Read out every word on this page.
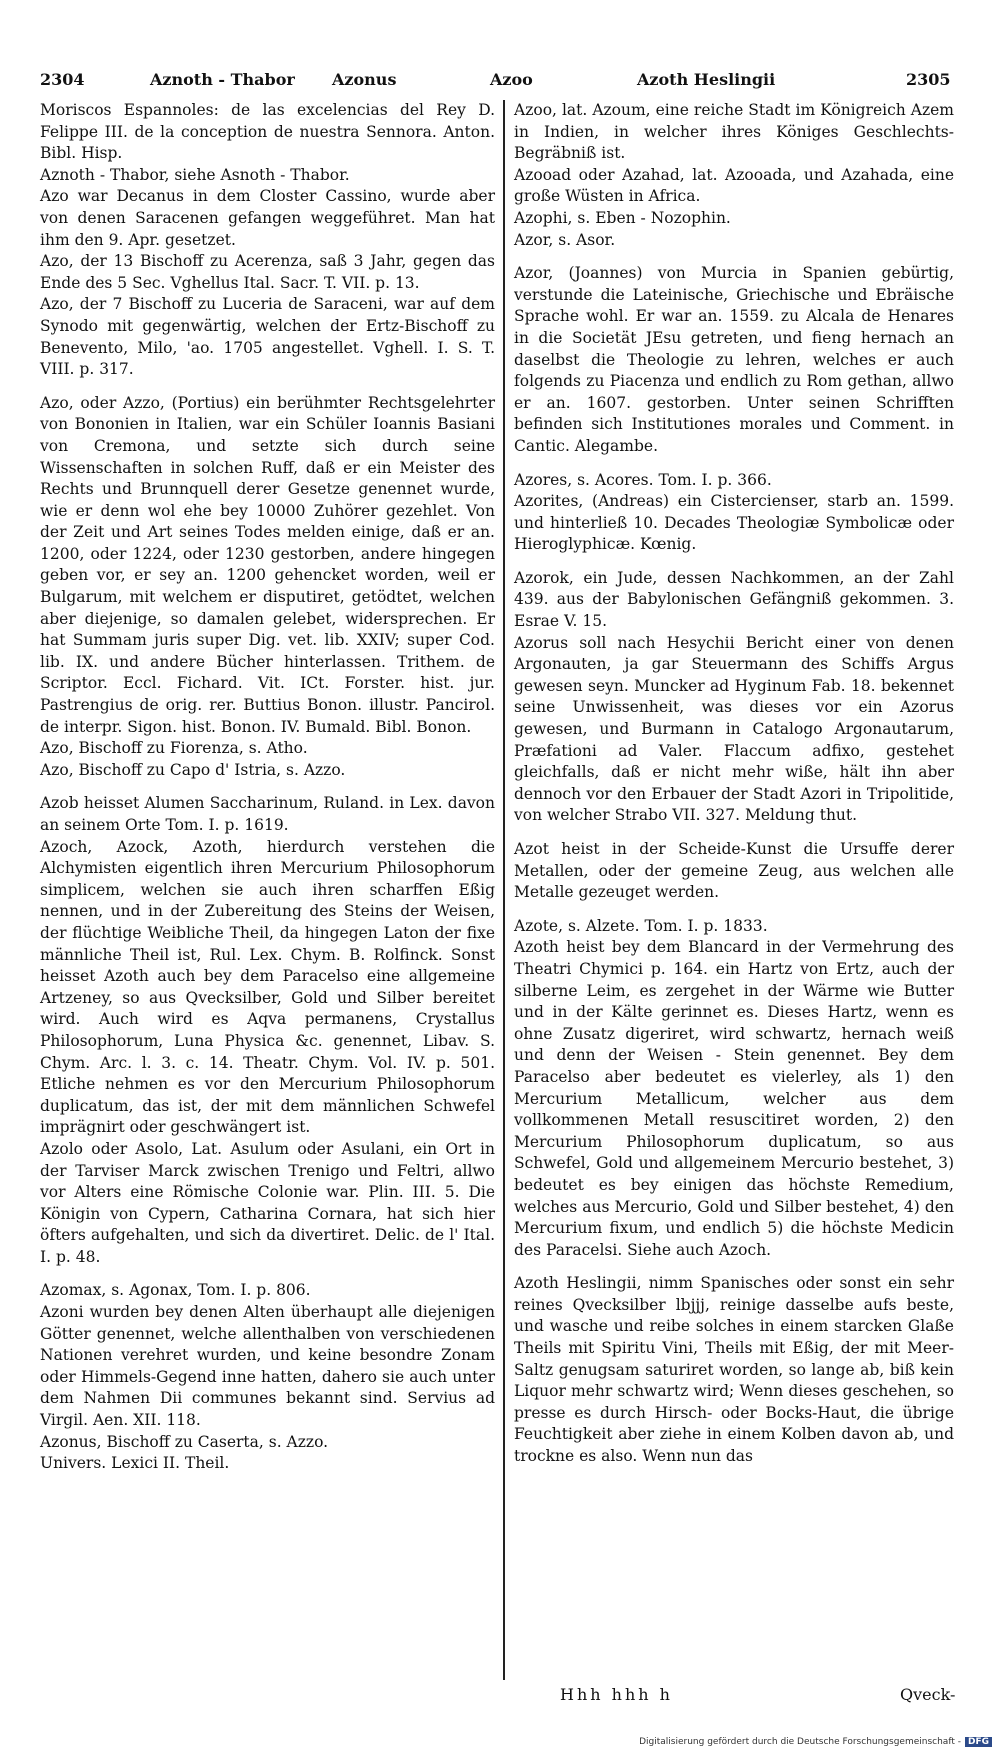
2304	Aznoth - Thabor Azonus	Azoo	Azoth Heslingii	2305

Moriscos Espannoles: de las excelencias del Rey D. Felippe III. de la conception de nuestra Sennora. Anton. Bibl. Hisp.

Aznoth - Thabor, siehe Asnoth - Thabor.

Azo war Decanus in dem Closter Cassino, wurde aber von denen Saracenen gefangen weggeführet. Man hat ihm den 9. Apr. gesetzet.

Azo, der 13 Bischoff zu Acerenza, saß 3 Jahr, gegen das Ende des 5 Sec. Vghellus Ital. Sacr. T. VII. p. 13.

Azo, der 7 Bischoff zu Luceria de Saraceni, war auf dem Synodo mit gegenwärtig, welchen der Ertz-Bischoff zu Benevento, Milo, 'ao. 1705 angestellet. Vghell. I. S. T. VIII. p. 317.

Azo, oder Azzo, (Portius) ein berühmter Rechtsgelehrter von Bononien in Italien, war ein Schüler Ioannis Basiani von Cremona, und setzte sich durch seine Wissenschaften in solchen Ruff, daß er ein Meister des Rechts und Brunnquell derer Gesetze genennet wurde, wie er denn wol ehe bey 10000 Zuhörer gezehlet. Von der Zeit und Art seines Todes melden einige, daß er an. 1200, oder 1224, oder 1230 gestorben, andere hingegen geben vor, er sey an. 1200 gehencket worden, weil er Bulgarum, mit welchem er disputiret, getödtet, welchen aber diejenige, so damalen gelebet, widersprechen. Er hat Summam juris super Dig. vet. lib. XXIV; super Cod. lib. IX. und andere Bücher hinterlassen. Trithem. de Scriptor. Eccl. Fichard. Vit. ICt. Forster. hist. jur. Pastrengius de orig. rer. Buttius Bonon. illustr. Pancirol. de interpr. Sigon. hist. Bonon. IV. Bumald. Bibl. Bonon.

Azo, Bischoff zu Fiorenza, s. Atho.

Azo, Bischoff zu Capo d' Istria, s. Azzo.

Azob heisset Alumen Saccharinum, Ruland. in Lex. davon an seinem Orte Tom. I. p. 1619.

Azoch, Azock, Azoth, hierdurch verstehen die Alchymisten eigentlich ihren Mercurium Philosophorum simplicem, welchen sie auch ihren scharffen Eßig nennen, und in der Zubereitung des Steins der Weisen, der flüchtige Weibliche Theil, da hingegen Laton der fixe männliche Theil ist, Rul. Lex. Chym. B. Rolfinck. Sonst heisset Azoth auch bey dem Paracelso eine allgemeine Artzeney, so aus Qvecksilber, Gold und Silber bereitet wird. Auch wird es Aqva permanens, Crystallus Philosophorum, Luna Physica &c. genennet, Libav. S. Chym. Arc. l. 3. c. 14. Theatr. Chym. Vol. IV. p. 501. Etliche nehmen es vor den Mercurium Philosophorum duplicatum, das ist, der mit dem männlichen Schwefel imprägnirt oder geschwängert ist.

Azolo oder Asolo, Lat. Asulum oder Asulani, ein Ort in der Tarviser Marck zwischen Trenigo und Feltri, allwo vor Alters eine Römische Colonie war. Plin. III. 5. Die Königin von Cypern, Catharina Cornara, hat sich hier öfters aufgehalten, und sich da divertiret. Delic. de l' Ital. I. p. 48.

Azomax, s. Agonax, Tom. I. p. 806.

Azoni wurden bey denen Alten überhaupt alle diejenigen Götter genennet, welche allenthalben von verschiedenen Nationen verehret wurden, und keine besondre Zonam oder Himmels-Gegend inne hatten, dahero sie auch unter dem Nahmen Dii communes bekannt sind. Servius ad Virgil. Aen. XII. 118.

Azonus, Bischoff zu Caserta, s. Azzo.

Univers. Lexici II. Theil.

Azoo, lat. Azoum, eine reiche Stadt im Königreich Azem in Indien, in welcher ihres Königes Geschlechts-Begräbniß ist.

Azooad oder Azahad, lat. Azooada, und Azahada, eine große Wüsten in Africa.

Azophi, s. Eben - Nozophin.

Azor, s. Asor.

Azor, (Joannes) von Murcia in Spanien gebürtig, verstunde die Lateinische, Griechische und Ebräische Sprache wohl. Er war an. 1559. zu Alcala de Henares in die Societät JEsu getreten, und fieng hernach an daselbst die Theologie zu lehren, welches er auch folgends zu Piacenza und endlich zu Rom gethan, allwo er an. 1607. gestorben. Unter seinen Schrifften befinden sich Institutiones morales und Comment. in Cantic. Alegambe.

Azores, s. Acores. Tom. I. p. 366.

Azorites, (Andreas) ein Cistercienser, starb an. 1599. und hinterließ 10. Decades Theologiæ Symbolicæ oder Hieroglyphicæ. Kœnig.

Azorok, ein Jude, dessen Nachkommen, an der Zahl 439. aus der Babylonischen Gefängniß gekommen. 3. Esrae V. 15.

Azorus soll nach Hesychii Bericht einer von denen Argonauten, ja gar Steuermann des Schiffs Argus gewesen seyn. Muncker ad Hyginum Fab. 18. bekennet seine Unwissenheit, was dieses vor ein Azorus gewesen, und Burmann in Catalogo Argonautarum, Præfationi ad Valer. Flaccum adfixo, gestehet gleichfalls, daß er nicht mehr wiße, hält ihn aber dennoch vor den Erbauer der Stadt Azori in Tripolitide, von welcher Strabo VII. 327. Meldung thut.

Azot heist in der Scheide-Kunst die Ursuffe derer Metallen, oder der gemeine Zeug, aus welchen alle Metalle gezeuget werden.

Azote, s. Alzete. Tom. I. p. 1833.

Azoth heist bey dem Blancard in der Vermehrung des Theatri Chymici p. 164. ein Hartz von Ertz, auch der silberne Leim, es zergehet in der Wärme wie Butter und in der Kälte gerinnet es. Dieses Hartz, wenn es ohne Zusatz digeriret, wird schwartz, hernach weiß und denn der Weisen - Stein genennet. Bey dem Paracelso aber bedeutet es vielerley, als 1) den Mercurium Metallicum, welcher aus dem vollkommenen Metall resuscitiret worden, 2) den Mercurium Philosophorum duplicatum, so aus Schwefel, Gold und allgemeinem Mercurio bestehet, 3) bedeutet es bey einigen das höchste Remedium, welches aus Mercurio, Gold und Silber bestehet, 4) den Mercurium fixum, und endlich 5) die höchste Medicin des Paracelsi. Siehe auch Azoch.

Azoth Heslingii, nimm Spanisches oder sonst ein sehr reines Qvecksilber lbjjj, reinige dasselbe aufs beste, und wasche und reibe solches in einem starcken Glaße Theils mit Spiritu Vini, Theils mit Eßig, der mit Meer-Saltz genugsam saturiret worden, so lange ab, biß kein Liquor mehr schwartz wird; Wenn dieses geschehen, so presse es durch Hirsch- oder Bocks-Haut, die übrige Feuchtigkeit aber ziehe in einem Kolben davon ab, und trockne es also. Wenn nun das

Hhh hhh h	Qveck-
Digitalisierung gefördert durch die Deutsche Forschungsgemeinschaft - DFG
